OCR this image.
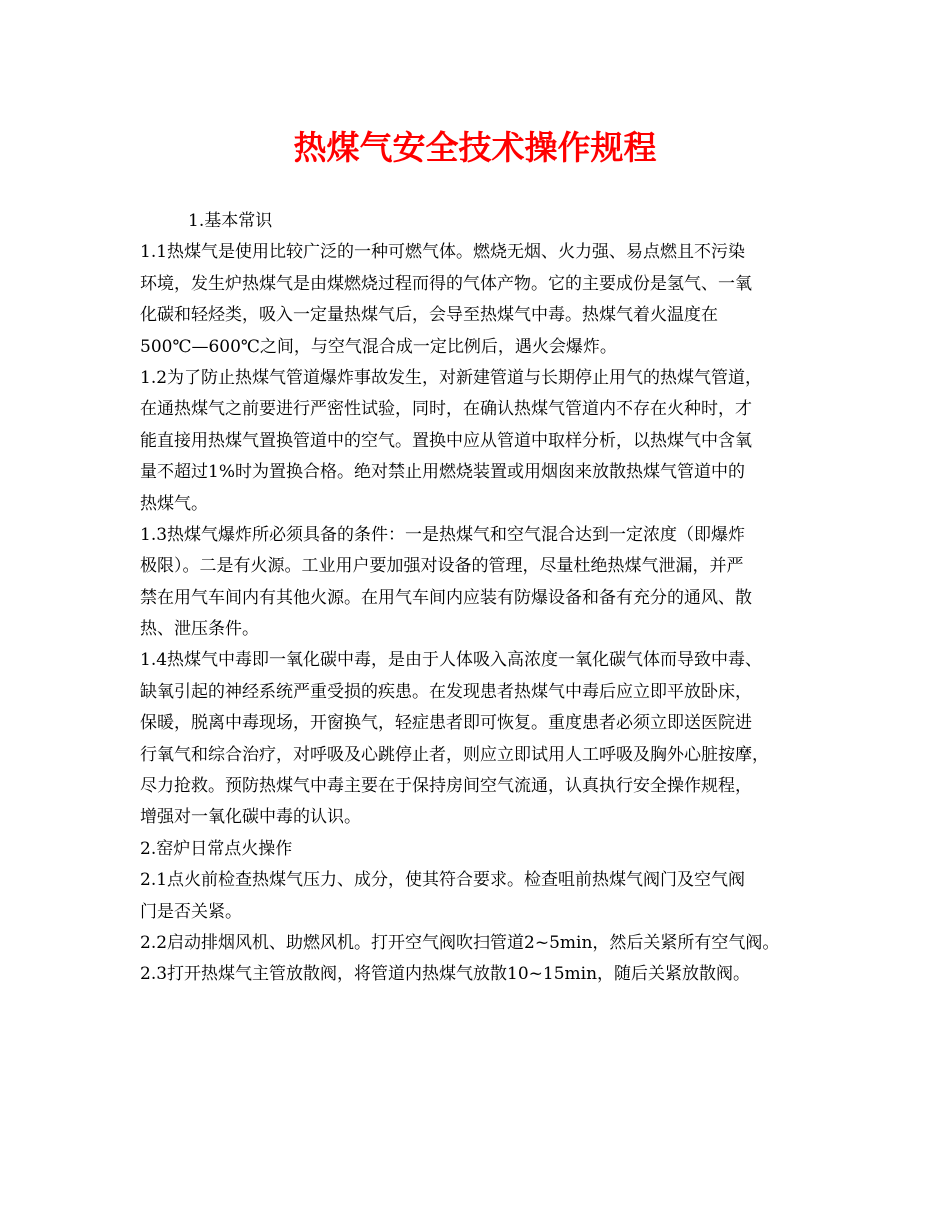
热煤气安全技术操作规程
1.基本常识
1.1热煤气是使用比较广泛的一种可燃气体。燃烧无烟、火力强、易点燃且不污染
环境，发生炉热煤气是由煤燃烧过程而得的气体产物。它的主要成份是氢气、一氧
化碳和轻烃类，吸入一定量热煤气后，会导至热煤气中毒。热煤气着火温度在
500℃—600℃之间，与空气混合成一定比例后，遇火会爆炸。
1.2为了防止热煤气管道爆炸事故发生，对新建管道与长期停止用气的热煤气管道，
在通热煤气之前要进行严密性试验，同时，在确认热煤气管道内不存在火种时，才
能直接用热煤气置换管道中的空气。置换中应从管道中取样分析，以热煤气中含氧
量不超过1%时为置换合格。绝对禁止用燃烧装置或用烟囱来放散热煤气管道中的
热煤气。
1.3热煤气爆炸所必须具备的条件：一是热煤气和空气混合达到一定浓度（即爆炸
极限）。二是有火源。工业用户要加强对设备的管理，尽量杜绝热煤气泄漏，并严
禁在用气车间内有其他火源。在用气车间内应装有防爆设备和备有充分的通风、散
热、泄压条件。
1.4热煤气中毒即一氧化碳中毒，是由于人体吸入高浓度一氧化碳气体而导致中毒、
缺氧引起的神经系统严重受损的疾患。在发现患者热煤气中毒后应立即平放卧床，
保暖，脱离中毒现场，开窗换气，轻症患者即可恢复。重度患者必须立即送医院进
行氧气和综合治疗，对呼吸及心跳停止者，则应立即试用人工呼吸及胸外心脏按摩，
尽力抢救。预防热煤气中毒主要在于保持房间空气流通，认真执行安全操作规程，
增强对一氧化碳中毒的认识。
2.窑炉日常点火操作
2.1点火前检查热煤气压力、成分，使其符合要求。检查咀前热煤气阀门及空气阀
门是否关紧。
2.2启动排烟风机、助燃风机。打开空气阀吹扫管道2~5min，然后关紧所有空气阀。
2.3打开热煤气主管放散阀，将管道内热煤气放散10~15min，随后关紧放散阀。
